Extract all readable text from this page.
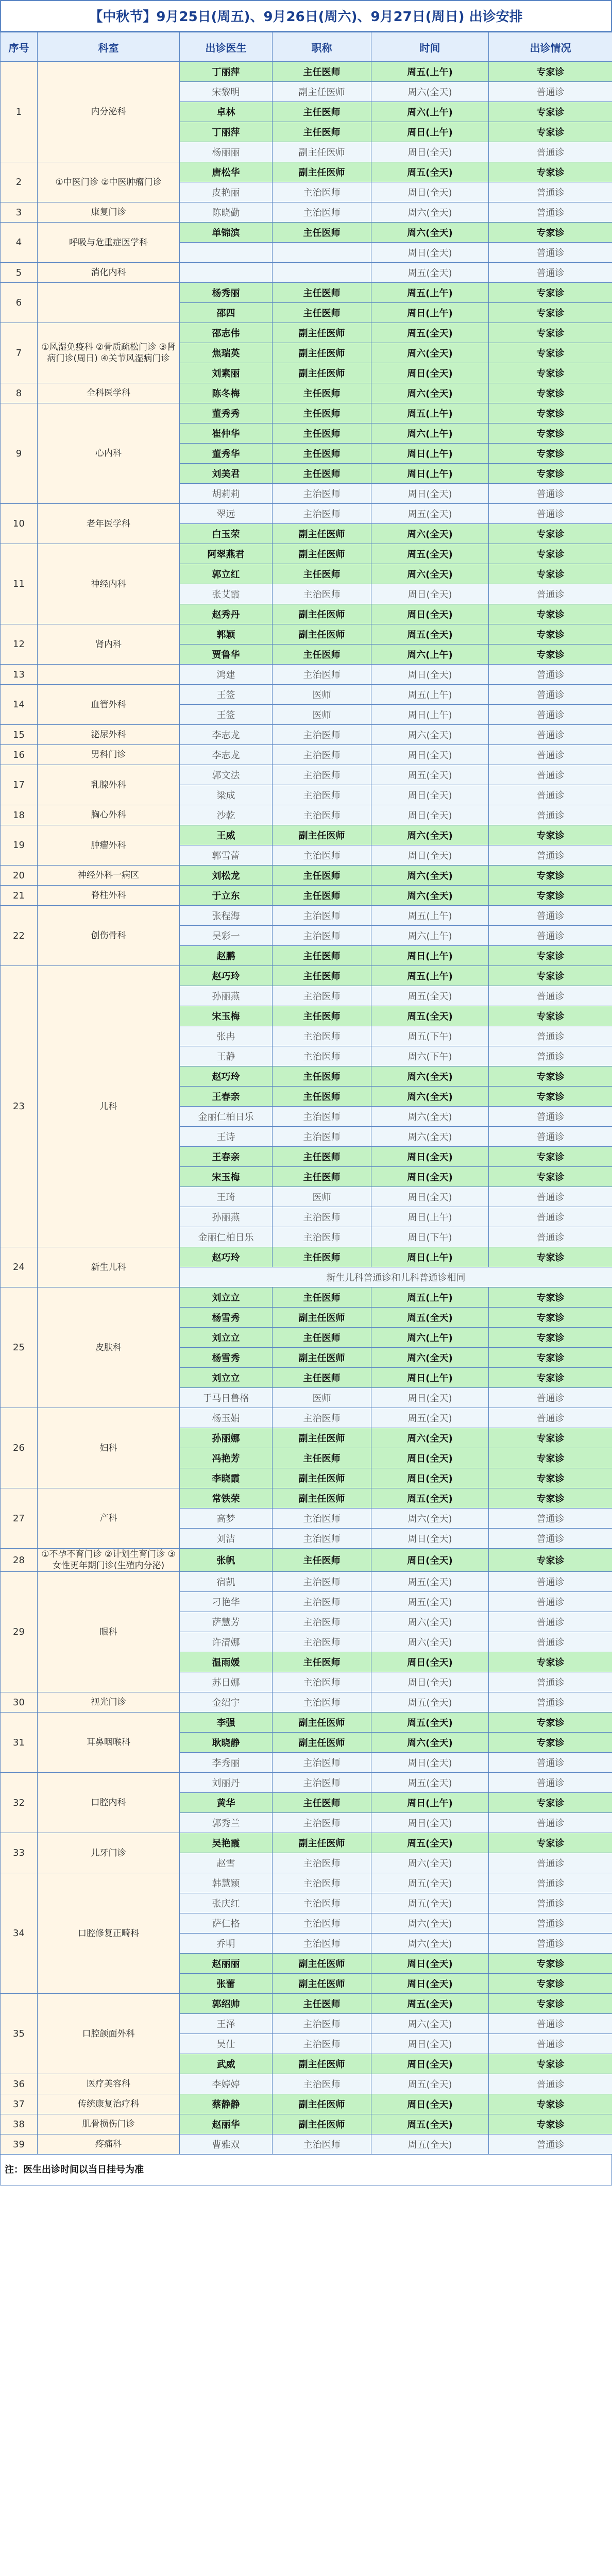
【中秋节】9月25日(周五)、9月26日(周六)、9月27日(周日) 出诊安排
序号	科室	出诊医生	职称	时间	出诊情况
1	内分泌科	丁丽萍	主任医师	周五(上午)	专家诊
		宋黎明	副主任医师	周六(全天)	普通诊
		卓林	主任医师	周六(上午)	专家诊
		丁丽萍	主任医师	周日(上午)	专家诊
		杨丽丽	副主任医师	周日(全天)	普通诊
2	①中医门诊 ②中医肿瘤门诊	唐松华	副主任医师	周五(全天)	专家诊
		皮艳丽	主治医师	周日(全天)	普通诊
3	康复门诊	陈晓勤	主治医师	周六(全天)	普通诊
4	呼吸与危重症医学科	单锦滨	主任医师	周六(全天)	专家诊
				周日(全天)	普通诊
5	消化内科			周五(全天)	普通诊
6		杨秀丽	主任医师	周五(上午)	专家诊
		邵四	主任医师	周日(上午)	专家诊
7	①风湿免疫科 ②骨质疏松门诊 ③肾病门诊(周日) ④关节风湿病门诊	邵志伟	副主任医师	周五(全天)	专家诊
		焦瑞英	副主任医师	周六(全天)	专家诊
		刘素丽	副主任医师	周日(全天)	专家诊
8	全科医学科	陈冬梅	主任医师	周六(全天)	专家诊
9	心内科	董秀秀	主任医师	周五(上午)	专家诊
		崔仲华	主任医师	周六(上午)	专家诊
		董秀华	主任医师	周日(上午)	专家诊
		刘美君	主任医师	周日(上午)	专家诊
		胡莉莉	主治医师	周日(全天)	普通诊
10	老年医学科	翠远	主治医师	周五(全天)	普通诊
		白玉荣	副主任医师	周六(全天)	专家诊
11	神经内科	阿翠燕君	副主任医师	周五(全天)	专家诊
		郭立红	主任医师	周六(全天)	专家诊
		张艾霞	主治医师	周日(全天)	普通诊
		赵秀丹	副主任医师	周日(全天)	专家诊
12	肾内科	郭颖	副主任医师	周五(全天)	专家诊
		贾鲁华	主任医师	周六(上午)	专家诊
13		鸿建	主治医师	周日(全天)	普通诊
14	血管外科	王签	医师	周五(上午)	普通诊
		王签	医师	周日(上午)	普通诊
15	泌尿外科	李志龙	主治医师	周六(全天)	普通诊
16	男科门诊	李志龙	主治医师	周日(全天)	普通诊
17	乳腺外科	郭文法	主治医师	周五(全天)	普通诊
		梁成	主治医师	周日(全天)	普通诊
18	胸心外科	沙乾	主治医师	周日(全天)	普通诊
19	肿瘤外科	王威	副主任医师	周六(全天)	专家诊
		郭雪蕾	主治医师	周日(全天)	普通诊
20	神经外科一病区	刘松龙	主任医师	周六(全天)	专家诊
21	脊柱外科	于立东	主任医师	周六(全天)	专家诊
22	创伤骨科	张程海	主治医师	周五(上午)	普通诊
		吴彩一	主治医师	周六(上午)	普通诊
		赵鹏	主任医师	周日(上午)	专家诊
23	儿科	赵巧玲	主任医师	周五(上午)	专家诊
		孙丽燕	主治医师	周五(全天)	普通诊
		宋玉梅	主任医师	周五(全天)	专家诊
		张冉	主治医师	周五(下午)	普通诊
		王静	主治医师	周六(下午)	普通诊
		赵巧玲	主任医师	周六(全天)	专家诊
		王春亲	主任医师	周六(全天)	专家诊
		金丽仁柏日乐	主治医师	周六(全天)	普通诊
		王诗	主治医师	周六(全天)	普通诊
		王春亲	主任医师	周日(全天)	专家诊
		宋玉梅	主任医师	周日(全天)	专家诊
		王琦	医师	周日(全天)	普通诊
		孙丽燕	主治医师	周日(上午)	普通诊
		金丽仁柏日乐	主治医师	周日(下午)	普通诊
24	新生儿科	赵巧玲	主任医师	周日(上午)	专家诊
		新生儿科普通诊和儿科普通诊相同			
25	皮肤科	刘立立	主任医师	周五(上午)	专家诊
		杨雪秀	副主任医师	周五(全天)	专家诊
		刘立立	主任医师	周六(上午)	专家诊
		杨雪秀	副主任医师	周六(全天)	专家诊
		刘立立	主任医师	周日(上午)	专家诊
		于马日鲁格	医师	周日(全天)	普通诊
26	妇科	杨玉娟	主治医师	周五(全天)	普通诊
		孙丽娜	副主任医师	周六(全天)	专家诊
		冯艳芳	主任医师	周日(全天)	专家诊
		李晓霞	副主任医师	周日(全天)	专家诊
27	产科	常铁荣	副主任医师	周五(全天)	专家诊
		高梦	主治医师	周六(全天)	普通诊
		刘洁	主治医师	周日(全天)	普通诊
28	①不孕不育门诊 ②计划生育门诊 ③女性更年期门诊(生殖内分泌)	张帆	主任医师	周日(全天)	专家诊
29	眼科	宿凯	主治医师	周五(全天)	普通诊
		刁艳华	主治医师	周五(全天)	普通诊
		萨慧芳	主治医师	周六(全天)	普通诊
		许清娜	主治医师	周六(全天)	普通诊
		温雨媛	主任医师	周日(全天)	专家诊
		苏日娜	主治医师	周日(全天)	普通诊
30	视光门诊	金绍宇	主治医师	周五(全天)	普通诊
31	耳鼻咽喉科	李强	副主任医师	周五(全天)	专家诊
		耿晓静	副主任医师	周六(全天)	专家诊
		李秀丽	主治医师	周日(全天)	普通诊
32	口腔内科	刘丽丹	主治医师	周五(全天)	普通诊
		黄华	主任医师	周日(上午)	专家诊
		郭秀兰	主治医师	周日(全天)	普通诊
33	儿牙门诊	吴艳霞	副主任医师	周五(全天)	专家诊
		赵雪	主治医师	周六(全天)	普通诊
34	口腔修复正畸科	韩慧颖	主治医师	周五(全天)	普通诊
		张庆红	主治医师	周五(全天)	普通诊
		萨仁格	主治医师	周六(全天)	普通诊
		乔明	主治医师	周六(全天)	普通诊
		赵丽丽	副主任医师	周日(全天)	专家诊
		张蕾	副主任医师	周日(全天)	专家诊
35	口腔颌面外科	郭绍帅	主任医师	周五(全天)	专家诊
		王泽	主治医师	周六(全天)	普通诊
		吴仕	主治医师	周日(全天)	普通诊
		武威	副主任医师	周日(全天)	专家诊
36	医疗美容科	李婷婷	主治医师	周五(全天)	普通诊
37	传统康复治疗科	蔡静静	副主任医师	周日(全天)	专家诊
38	肌骨损伤门诊	赵丽华	副主任医师	周五(全天)	专家诊
39	疼痛科	曹雅双	主治医师	周五(全天)	普通诊
注：医生出诊时间以当日挂号为准
